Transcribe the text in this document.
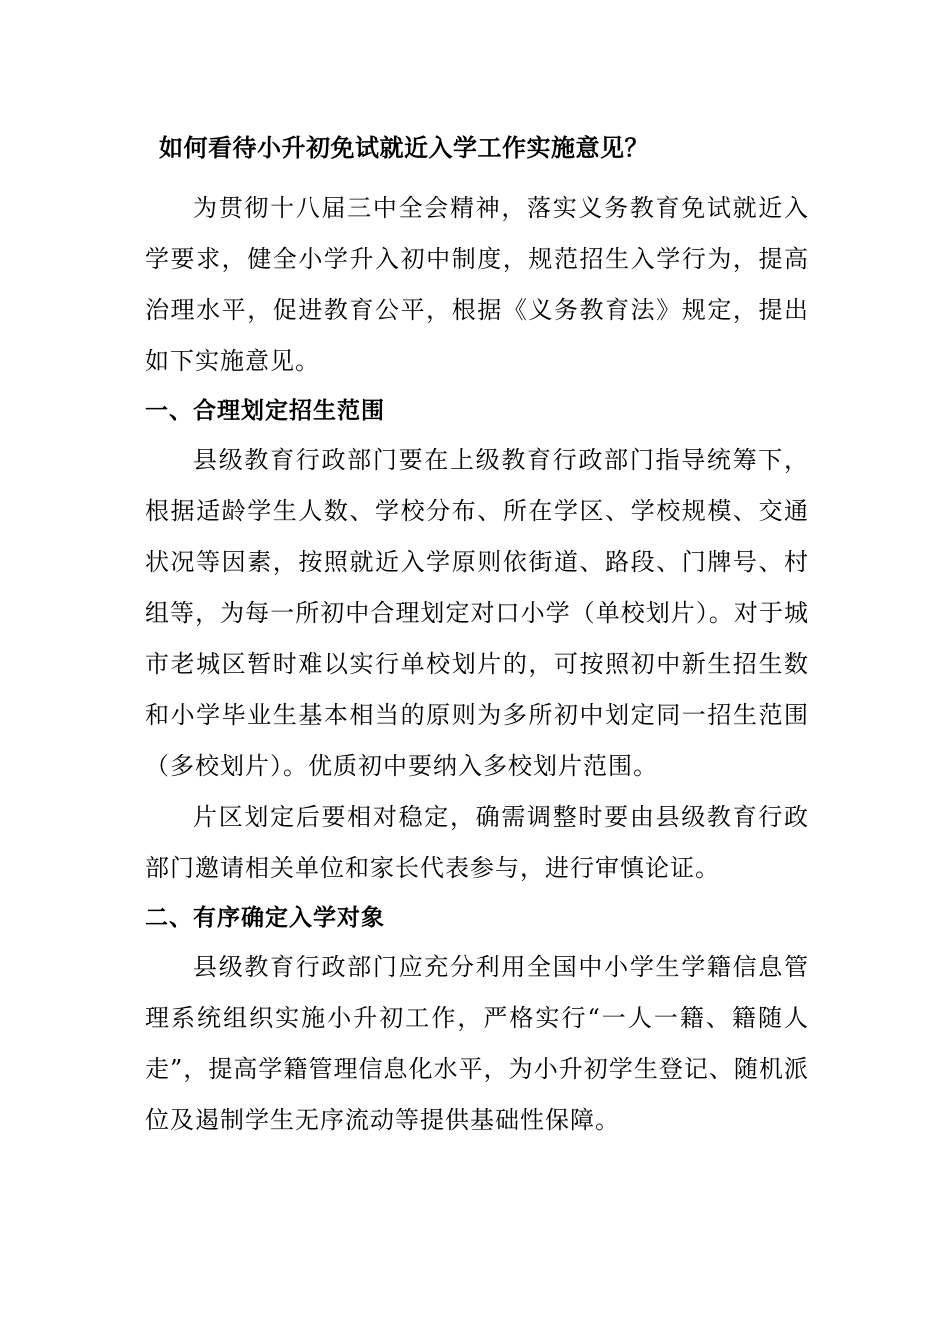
如何看待小升初免试就近入学工作实施意见？

为贯彻十八届三中全会精神，落实义务教育免试就近入学要求，健全小学升入初中制度，规范招生入学行为，提高治理水平，促进教育公平，根据《义务教育法》规定，提出如下实施意见。

一、合理划定招生范围

县级教育行政部门要在上级教育行政部门指导统筹下，根据适龄学生人数、学校分布、所在学区、学校规模、交通状况等因素，按照就近入学原则依街道、路段、门牌号、村组等，为每一所初中合理划定对口小学（单校划片）。对于城市老城区暂时难以实行单校划片的，可按照初中新生招生数和小学毕业生基本相当的原则为多所初中划定同一招生范围（多校划片）。优质初中要纳入多校划片范围。

片区划定后要相对稳定，确需调整时要由县级教育行政部门邀请相关单位和家长代表参与，进行审慎论证。

二、有序确定入学对象

县级教育行政部门应充分利用全国中小学生学籍信息管理系统组织实施小升初工作，严格实行“一人一籍、籍随人走”，提高学籍管理信息化水平，为小升初学生登记、随机派位及遏制学生无序流动等提供基础性保障。
